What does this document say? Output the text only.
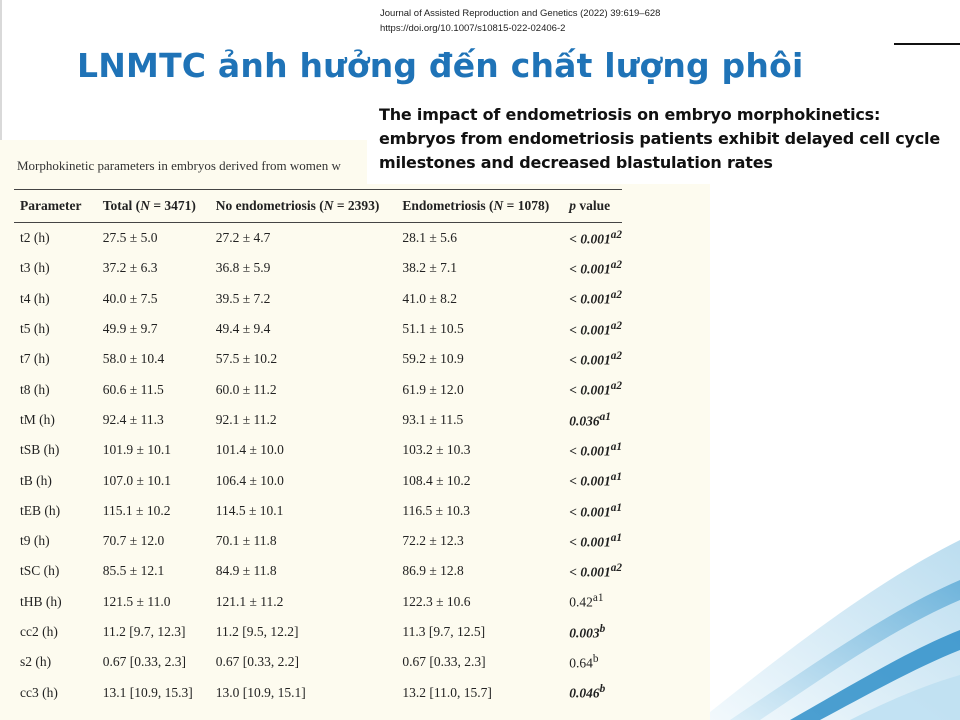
Journal of Assisted Reproduction and Genetics (2022) 39:619–628
https://doi.org/10.1007/s10815-022-02406-2
LNMTC ảnh hưởng đến chất lượng phôi
Morphokinetic parameters in embryos derived from women w

The impact of endometriosis on embryo morphokinetics: embryos from endometriosis patients exhibit delayed cell cycle milestones and decreased blastulation rates

Parameter	Total (N = 3471)	No endometriosis (N = 2393)	Endometriosis (N = 1078)	p value
t2 (h)	27.5 ± 5.0	27.2 ± 4.7	28.1 ± 5.6	< $0.001^{a2}$
t3 (h)	37.2 ± 6.3	36.8 ± 5.9	38.2 ± 7.1	< $0.001^{a2}$
t4 (h)	40.0 ± 7.5	39.5 ± 7.2	41.0 ± 8.2	< $0.001^{a2}$
t5 (h)	49.9 ± 9.7	49.4 ± 9.4	51.1 ± 10.5	< $0.001^{a2}$
t7 (h)	58.0 ± 10.4	57.5 ± 10.2	59.2 ± 10.9	< $0.001^{a2}$
t8 (h)	60.6 ± 11.5	60.0 ± 11.2	61.9 ± 12.0	< $0.001^{a2}$
tM (h)	92.4 ± 11.3	92.1 ± 11.2	93.1 ± 11.5	$0.036^{a1}$
tSB (h)	101.9 ± 10.1	101.4 ± 10.0	103.2 ± 10.3	< $0.001^{a1}$
tB (h)	107.0 ± 10.1	106.4 ± 10.0	108.4 ± 10.2	< $0.001^{a1}$
tEB (h)	115.1 ± 10.2	114.5 ± 10.1	116.5 ± 10.3	< $0.001^{a1}$
t9 (h)	70.7 ± 12.0	70.1 ± 11.8	72.2 ± 12.3	< $0.001^{a1}$
tSC (h)	85.5 ± 12.1	84.9 ± 11.8	86.9 ± 12.8	< $0.001^{a2}$
tHB (h)	121.5 ± 11.0	121.1 ± 11.2	122.3 ± 10.6	$0.42^{a1}$
cc2 (h)	11.2 [9.7, 12.3]	11.2 [9.5, 12.2]	11.3 [9.7, 12.5]	0.003$^b$
s2 (h)	0.67 [0.33, 2.3]	0.67 [0.33, 2.2]	0.67 [0.33, 2.3]	0.64$^b$
cc3 (h)	13.1 [10.9, 15.3]	13.0 [10.9, 15.1]	13.2 [11.0, 15.7]	0.046$^b$
